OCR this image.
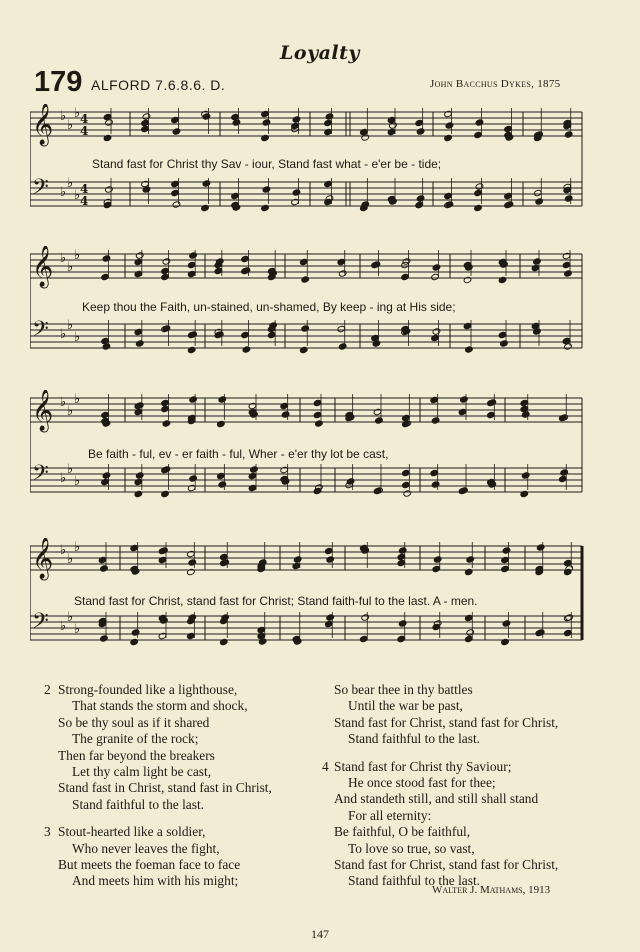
Loyalty
179 ALFORD 7.6.8.6. D.	John Bacchus Dykes, 1875
𝄞 ♭
♭
♭
𝄢 ♭
♭
♭
4
4
4
4
Stand fast for Christ thy Sav - iour, Stand fast what - e'er be - tide;
𝄞 ♭
♭
♭
𝄢 ♭
♭
♭
Keep thou the Faith, un-stained, un-shamed, By keep - ing at His side;
𝄞 ♭
♭
♭
𝄢 ♭
♭
♭
Be faith - ful, ev - er faith - ful, Wher - e'er thy lot be cast,
𝄞 ♭
♭
♭
𝄢 ♭
♭
♭
Stand fast for Christ, stand fast for Christ; Stand faith-ful to the last. A - men.
2 Strong-founded like a lighthouse,
That stands the storm and shock,
So be thy soul as if it shared
The granite of the rock;
Then far beyond the breakers
Let thy calm light be cast,
Stand fast in Christ, stand fast in Christ,
Stand faithful to the last.
3 Stout-hearted like a soldier,
Who never leaves the fight,
But meets the foeman face to face
And meets him with his might;
So bear thee in thy battles
Until the war be past,
Stand fast for Christ, stand fast for Christ,
Stand faithful to the last.
4 Stand fast for Christ thy Saviour;
He once stood fast for thee;
And standeth still, and still shall stand
For all eternity:
Be faithful, O be faithful,
To love so true, so vast,
Stand fast for Christ, stand fast for Christ,
Stand faithful to the last.
Walter J. Mathams, 1913
147
